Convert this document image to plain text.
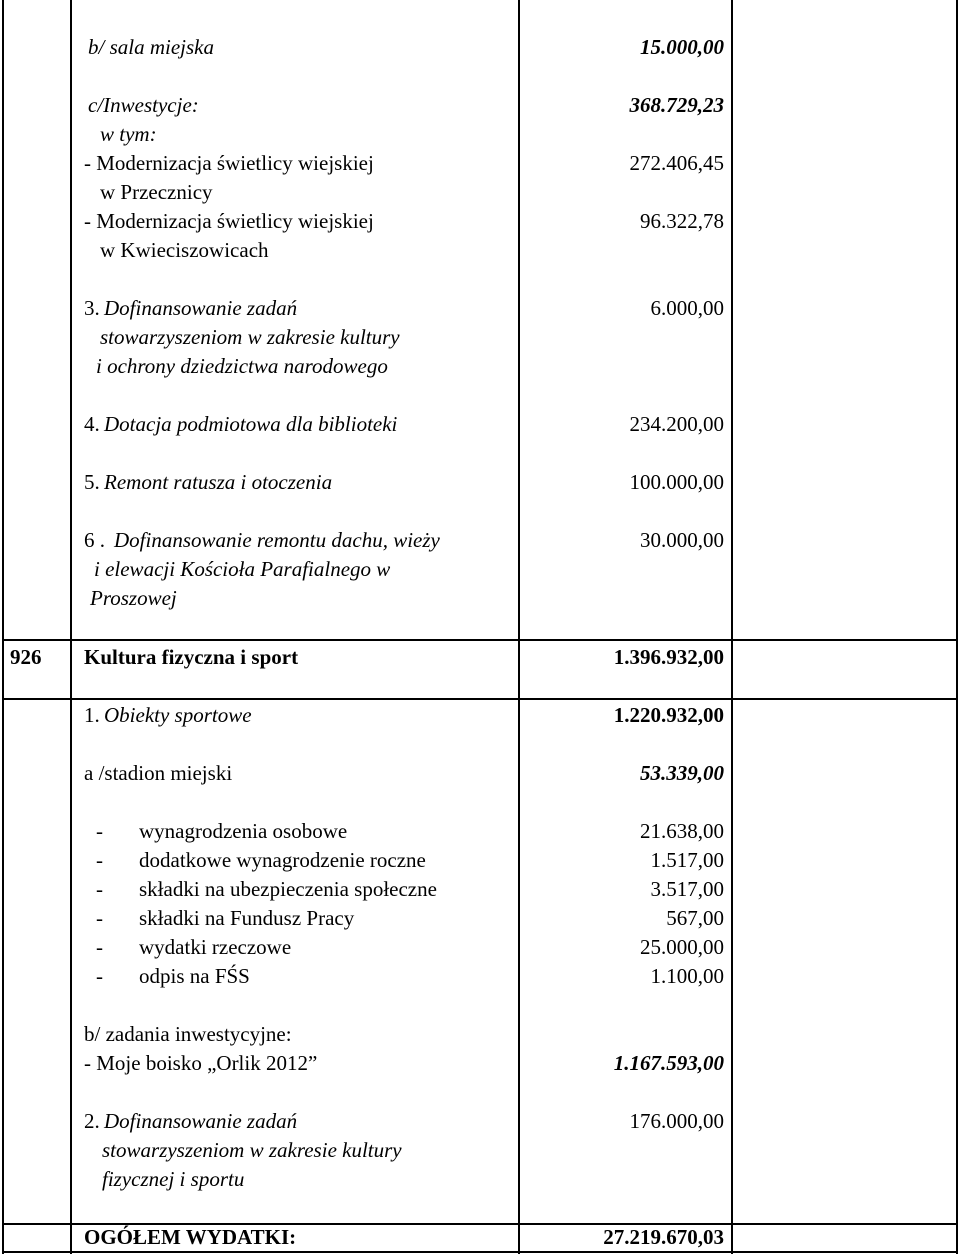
b/ sala miejska	15.000,00
c/Inwestycje:	368.729,23
w tym:
- Modernizacja świetlicy wiejskiej	272.406,45
w Przecznicy
- Modernizacja świetlicy wiejskiej	96.322,78
w Kwieciszowicach
3. Dofinansowanie zadań	6.000,00
stowarzyszeniom w zakresie kultury
i ochrony dziedzictwa narodowego
4. Dotacja podmiotowa dla biblioteki	234.200,00
5. Remont ratusza i otoczenia	100.000,00
6 . Dofinansowanie remontu dachu, wieży	30.000,00
i elewacji Kościoła Parafialnego w
Proszowej
926 Kultura fizyczna i sport	1.396.932,00
1. Obiekty sportowe	1.220.932,00
a /stadion miejski	53.339,00
- wynagrodzenia osobowe	21.638,00
- dodatkowe wynagrodzenie roczne	1.517,00
- składki na ubezpieczenia społeczne	3.517,00
- składki na Fundusz Pracy	567,00
- wydatki rzeczowe	25.000,00
- odpis na FŚS	1.100,00
b/ zadania inwestycyjne:
- Moje boisko „Orlik 2012”	1.167.593,00
2. Dofinansowanie zadań	176.000,00
stowarzyszeniom w zakresie kultury
fizycznej i sportu
OGÓŁEM WYDATKI:	27.219.670,03
